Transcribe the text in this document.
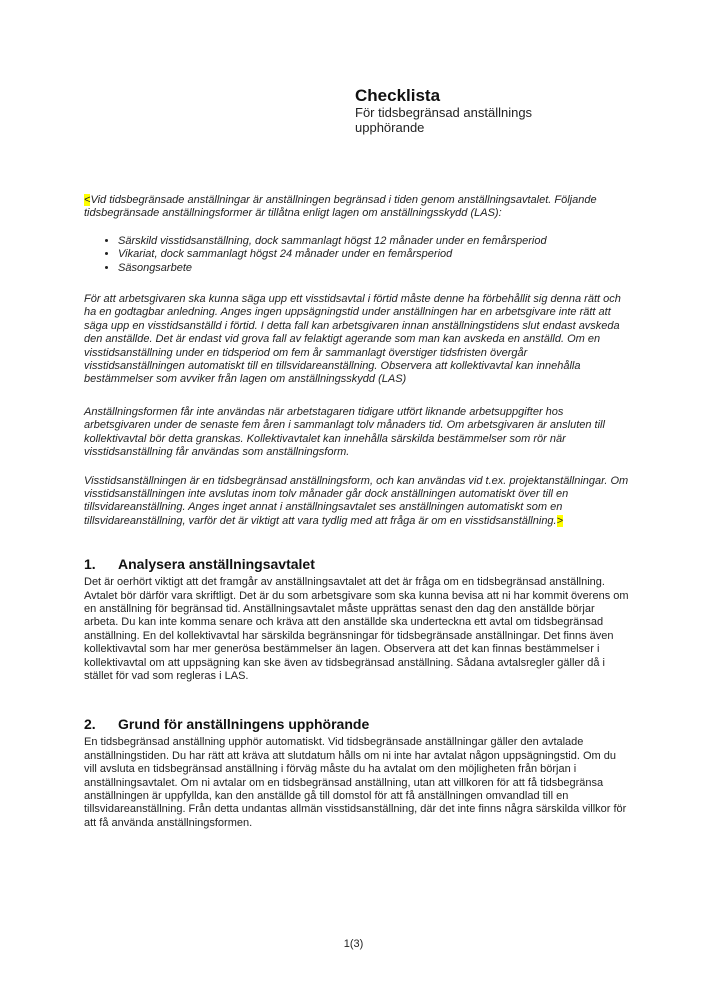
Checklista
För tidsbegränsad anställnings
upphörande

<Vid tidsbegränsade anställningar är anställningen begränsad i tiden genom anställningsavtalet. Följande tidsbegränsade anställningsformer är tillåtna enligt lagen om anställningsskydd (LAS):

• Särskild visstidsanställning, dock sammanlagt högst 12 månader under en femårsperiod
• Vikariat, dock sammanlagt högst 24 månader under en femårsperiod
• Säsongsarbete

För att arbetsgivaren ska kunna säga upp ett visstidsavtal i förtid måste denne ha förbehållit sig denna rätt och ha en godtagbar anledning. Anges ingen uppsägningstid under anställningen har en arbetsgivare inte rätt att säga upp en visstidsanställd i förtid. I detta fall kan arbetsgivaren innan anställningstidens slut endast avskeda den anställde. Det är endast vid grova fall av felaktigt agerande som man kan avskeda en anställd. Om en visstidsanställning under en tidsperiod om fem år sammanlagt överstiger tidsfristen övergår visstidsanställningen automatiskt till en tillsvidareanställning. Observera att kollektivavtal kan innehålla bestämmelser som avviker från lagen om anställningsskydd (LAS)

Anställningsformen får inte användas när arbetstagaren tidigare utfört liknande arbetsuppgifter hos arbetsgivaren under de senaste fem åren i sammanlagt tolv månaders tid. Om arbetsgivaren är ansluten till kollektivavtal bör detta granskas. Kollektivavtalet kan innehålla särskilda bestämmelser som rör när visstidsanställning får användas som anställningsform.

Visstidsanställningen är en tidsbegränsad anställningsform, och kan användas vid t.ex. projektanställningar. Om visstidsanställningen inte avslutas inom tolv månader går dock anställningen automatiskt över till en tillsvidareanställning. Anges inget annat i anställningsavtalet ses anställningen automatiskt som en tillsvidareanställning, varför det är viktigt att vara tydlig med att fråga är om en visstidsanställning.>

1. Analysera anställningsavtalet

Det är oerhört viktigt att det framgår av anställningsavtalet att det är fråga om en tidsbegränsad anställning. Avtalet bör därför vara skriftligt. Det är du som arbetsgivare som ska kunna bevisa att ni har kommit överens om en anställning för begränsad tid. Anställningsavtalet måste upprättas senast den dag den anställde börjar arbeta. Du kan inte komma senare och kräva att den anställde ska underteckna ett avtal om tidsbegränsad anställning. En del kollektivavtal har särskilda begränsningar för tidsbegränsade anställningar. Det finns även kollektivavtal som har mer generösa bestämmelser än lagen. Observera att det kan finnas bestämmelser i kollektivavtal om att uppsägning kan ske även av tidsbegränsad anställning. Sådana avtalsregler gäller då i stället för vad som regleras i LAS.

2. Grund för anställningens upphörande

En tidsbegränsad anställning upphör automatiskt. Vid tidsbegränsade anställningar gäller den avtalade anställningstiden. Du har rätt att kräva att slutdatum hålls om ni inte har avtalat någon uppsägningstid. Om du vill avsluta en tidsbegränsad anställning i förväg måste du ha avtalat om den möjligheten från början i anställningsavtalet. Om ni avtalar om en tidsbegränsad anställning, utan att villkoren för att få tidsbegränsa anställningen är uppfyllda, kan den anställde gå till domstol för att få anställningen omvandlad till en tillsvidareanställning. Från detta undantas allmän visstidsanställning, där det inte finns några särskilda villkor för att få använda anställningsformen.

1(3)
